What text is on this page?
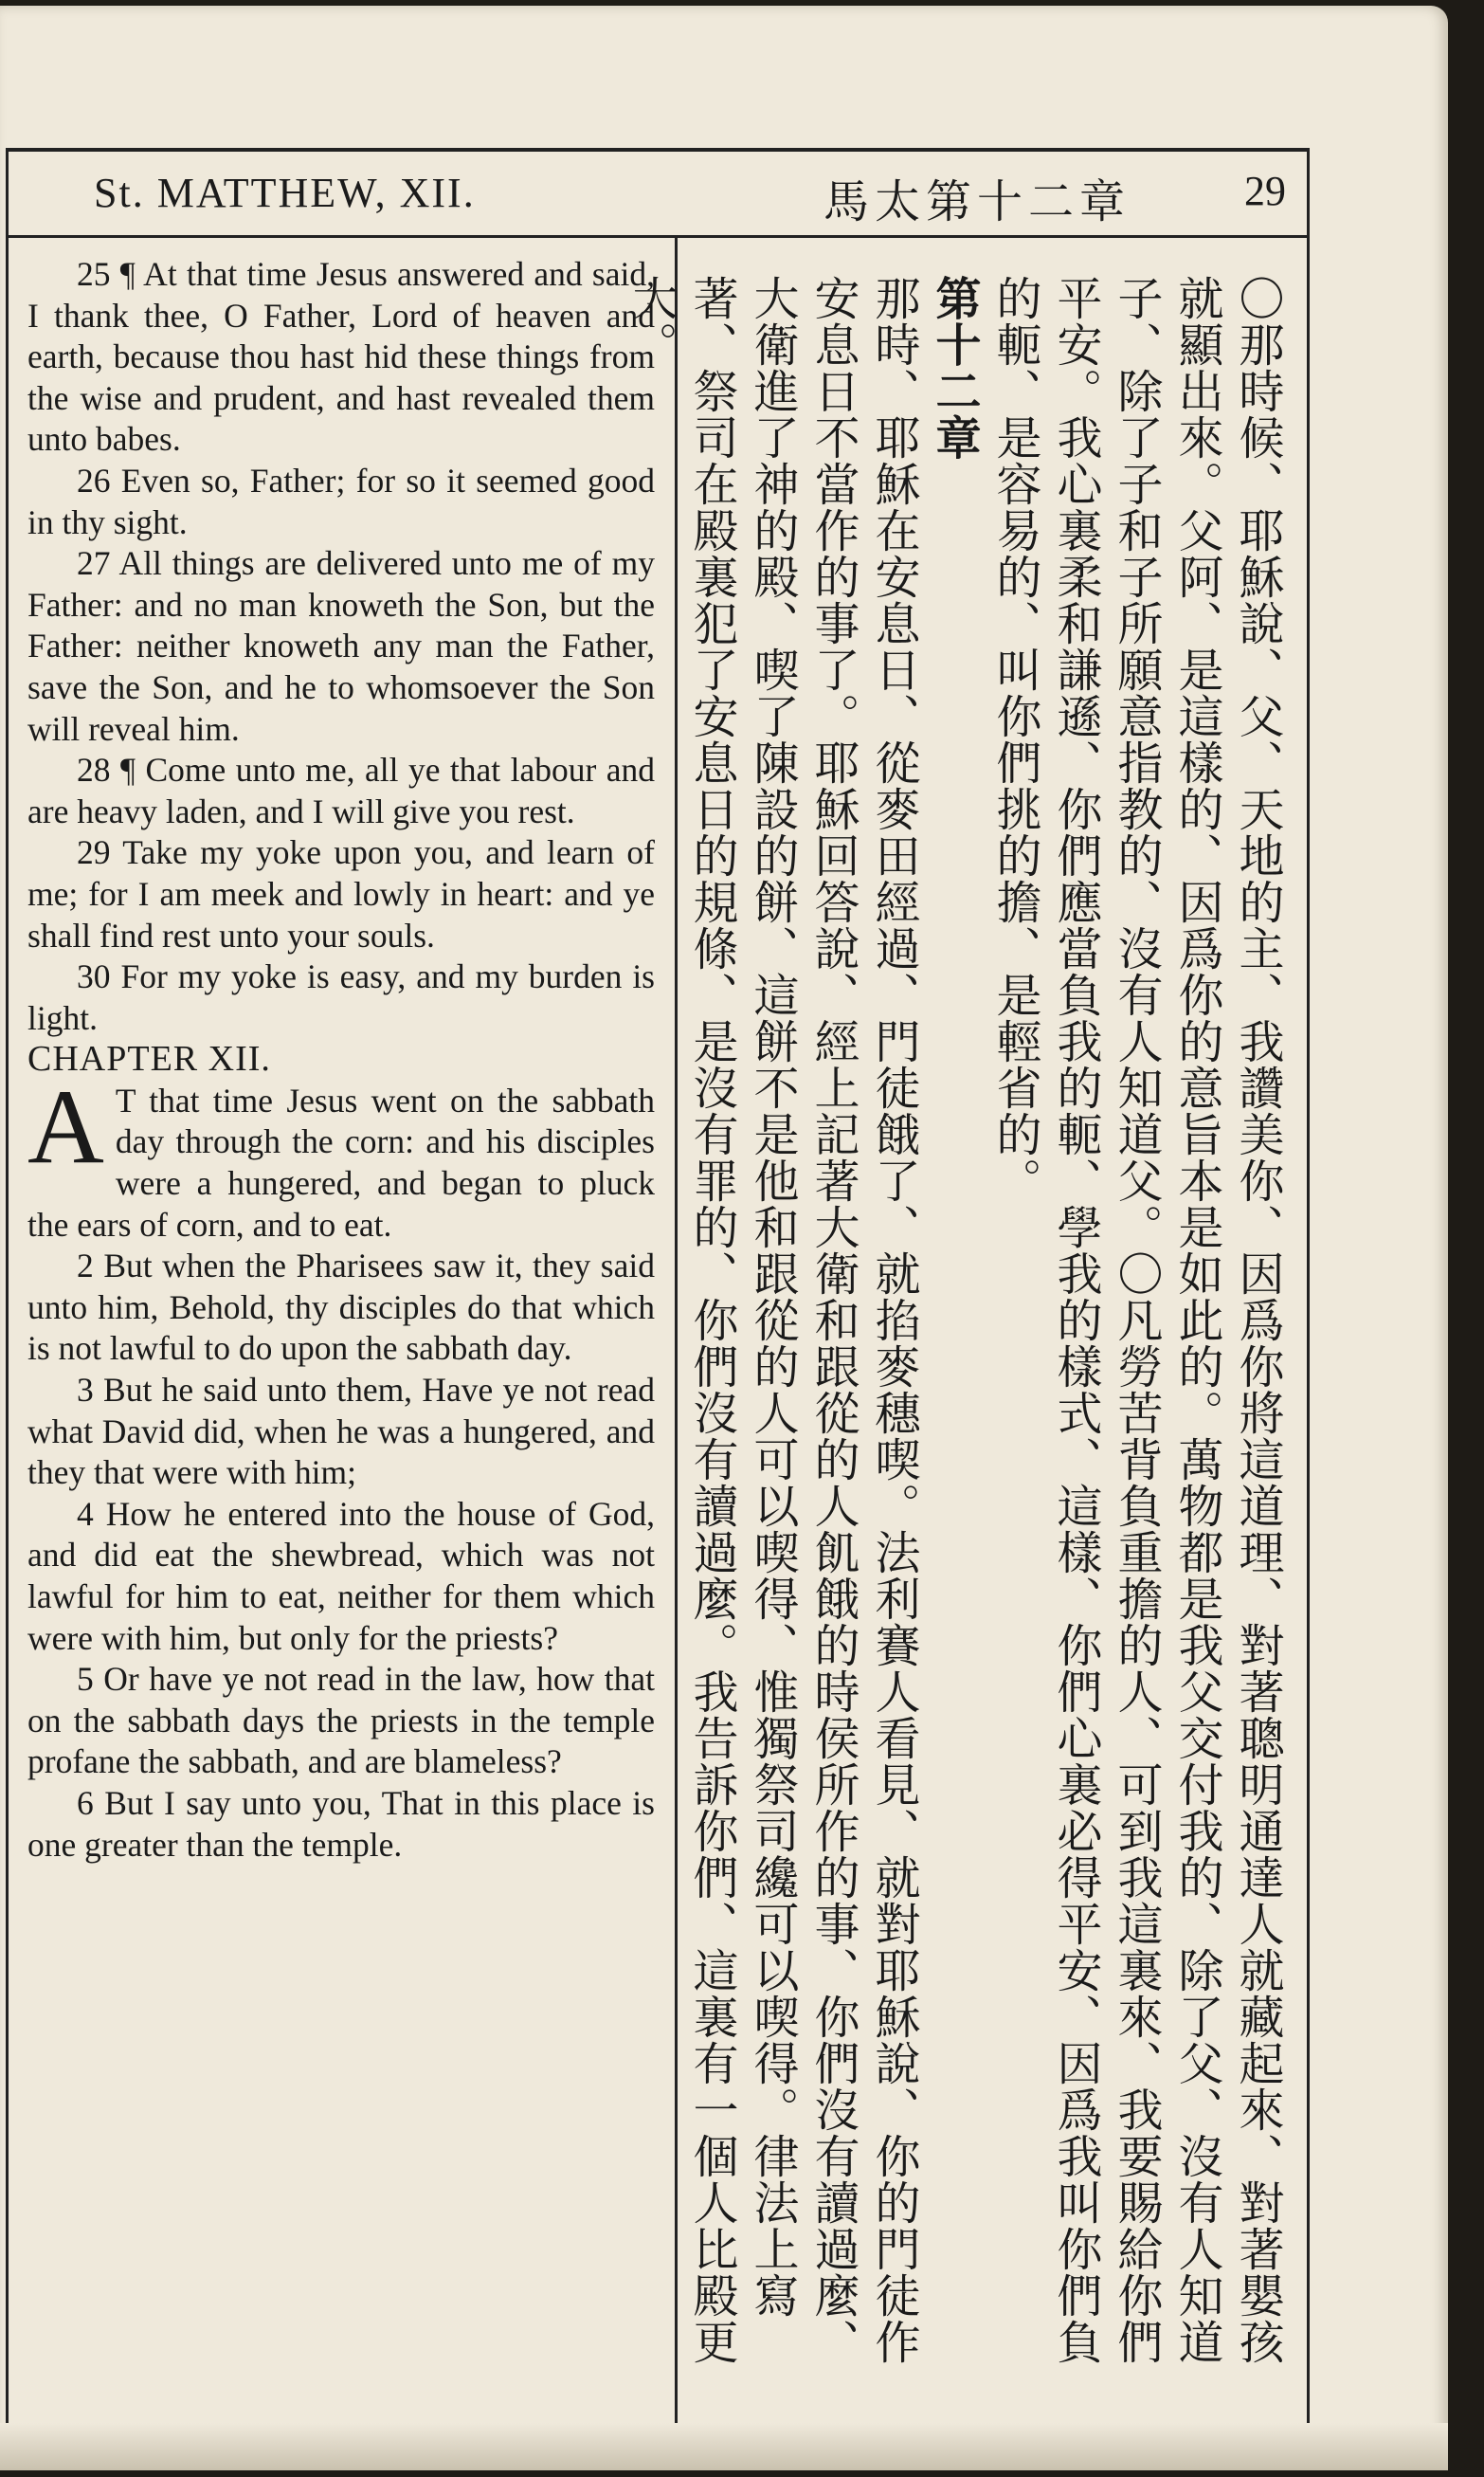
St. MATTHEW, XII.	馬太第十二章	29

25 ¶ At that time Jesus answered and said, I thank thee, O Father, Lord of heaven and earth, because thou hast hid these things from the wise and prudent, and hast revealed them unto babes.

26 Even so, Father; for so it seemed good in thy sight.

27 All things are delivered unto me of my Father: and no man knoweth the Son, but the Father: neither knoweth any man the Father, save the Son, and he to whomsoever the Son will reveal him.

28 ¶ Come unto me, all ye that labour and are heavy laden, and I will give you rest.

29 Take my yoke upon you, and learn of me; for I am meek and lowly in heart: and ye shall find rest unto your souls.

30 For my yoke is easy, and my burden is light.

CHAPTER XII.

A T that time Jesus went on the sabbath day through the corn: and his disciples were a hungered, and began to pluck the ears of corn, and to eat.

2 But when the Pharisees saw it, they said unto him, Behold, thy disciples do that which is not lawful to do upon the sabbath day.

3 But he said unto them, Have ye not read what David did, when he was a hungered, and they that were with him;

4 How he entered into the house of God, and did eat the shewbread, which was not lawful for him to eat, neither for them which were with him, but only for the priests?

5 Or have ye not read in the law, how that on the sabbath days the priests in the temple profane the sabbath, and are blameless?

6 But I say unto you, That in this place is one greater than the temple.	〇那時候、耶穌說、父、天地的主、我讚美你、因爲你將這道理、對著聰明通達人就藏起來、對著嬰孩就顯出來。父阿、是這樣的、因爲你的意旨本是如此的。萬物都是我父交付我的、除了父、沒有人知道子、除了子和子所願意指教的、沒有人知道父。〇凡勞苦背負重擔的人、可到我這裏來、我要賜給你們平安。我心裏柔和謙遜、你們應當負我的軛、學我的樣式、這樣、你們心裏必得平安、因爲我叫你們負的軛、是容易的、叫你們挑的擔、是輕省的。

第十二章

那時、耶穌在安息日、從麥田經過、門徒餓了、就掐麥穗喫。法利賽人看見、就對耶穌說、你的門徒作安息日不當作的事了。耶穌回答說、經上記著大衛和跟從的人飢餓的時侯所作的事、你們沒有讀過麼、大衛進了神的殿、喫了陳設的餅、這餅不是他和跟從的人可以喫得、惟獨祭司纔可以喫得。律法上寫著、祭司在殿裏犯了安息日的規條、是沒有罪的、你們沒有讀過麼。我告訴你們、這裏有一個人比殿更大。
